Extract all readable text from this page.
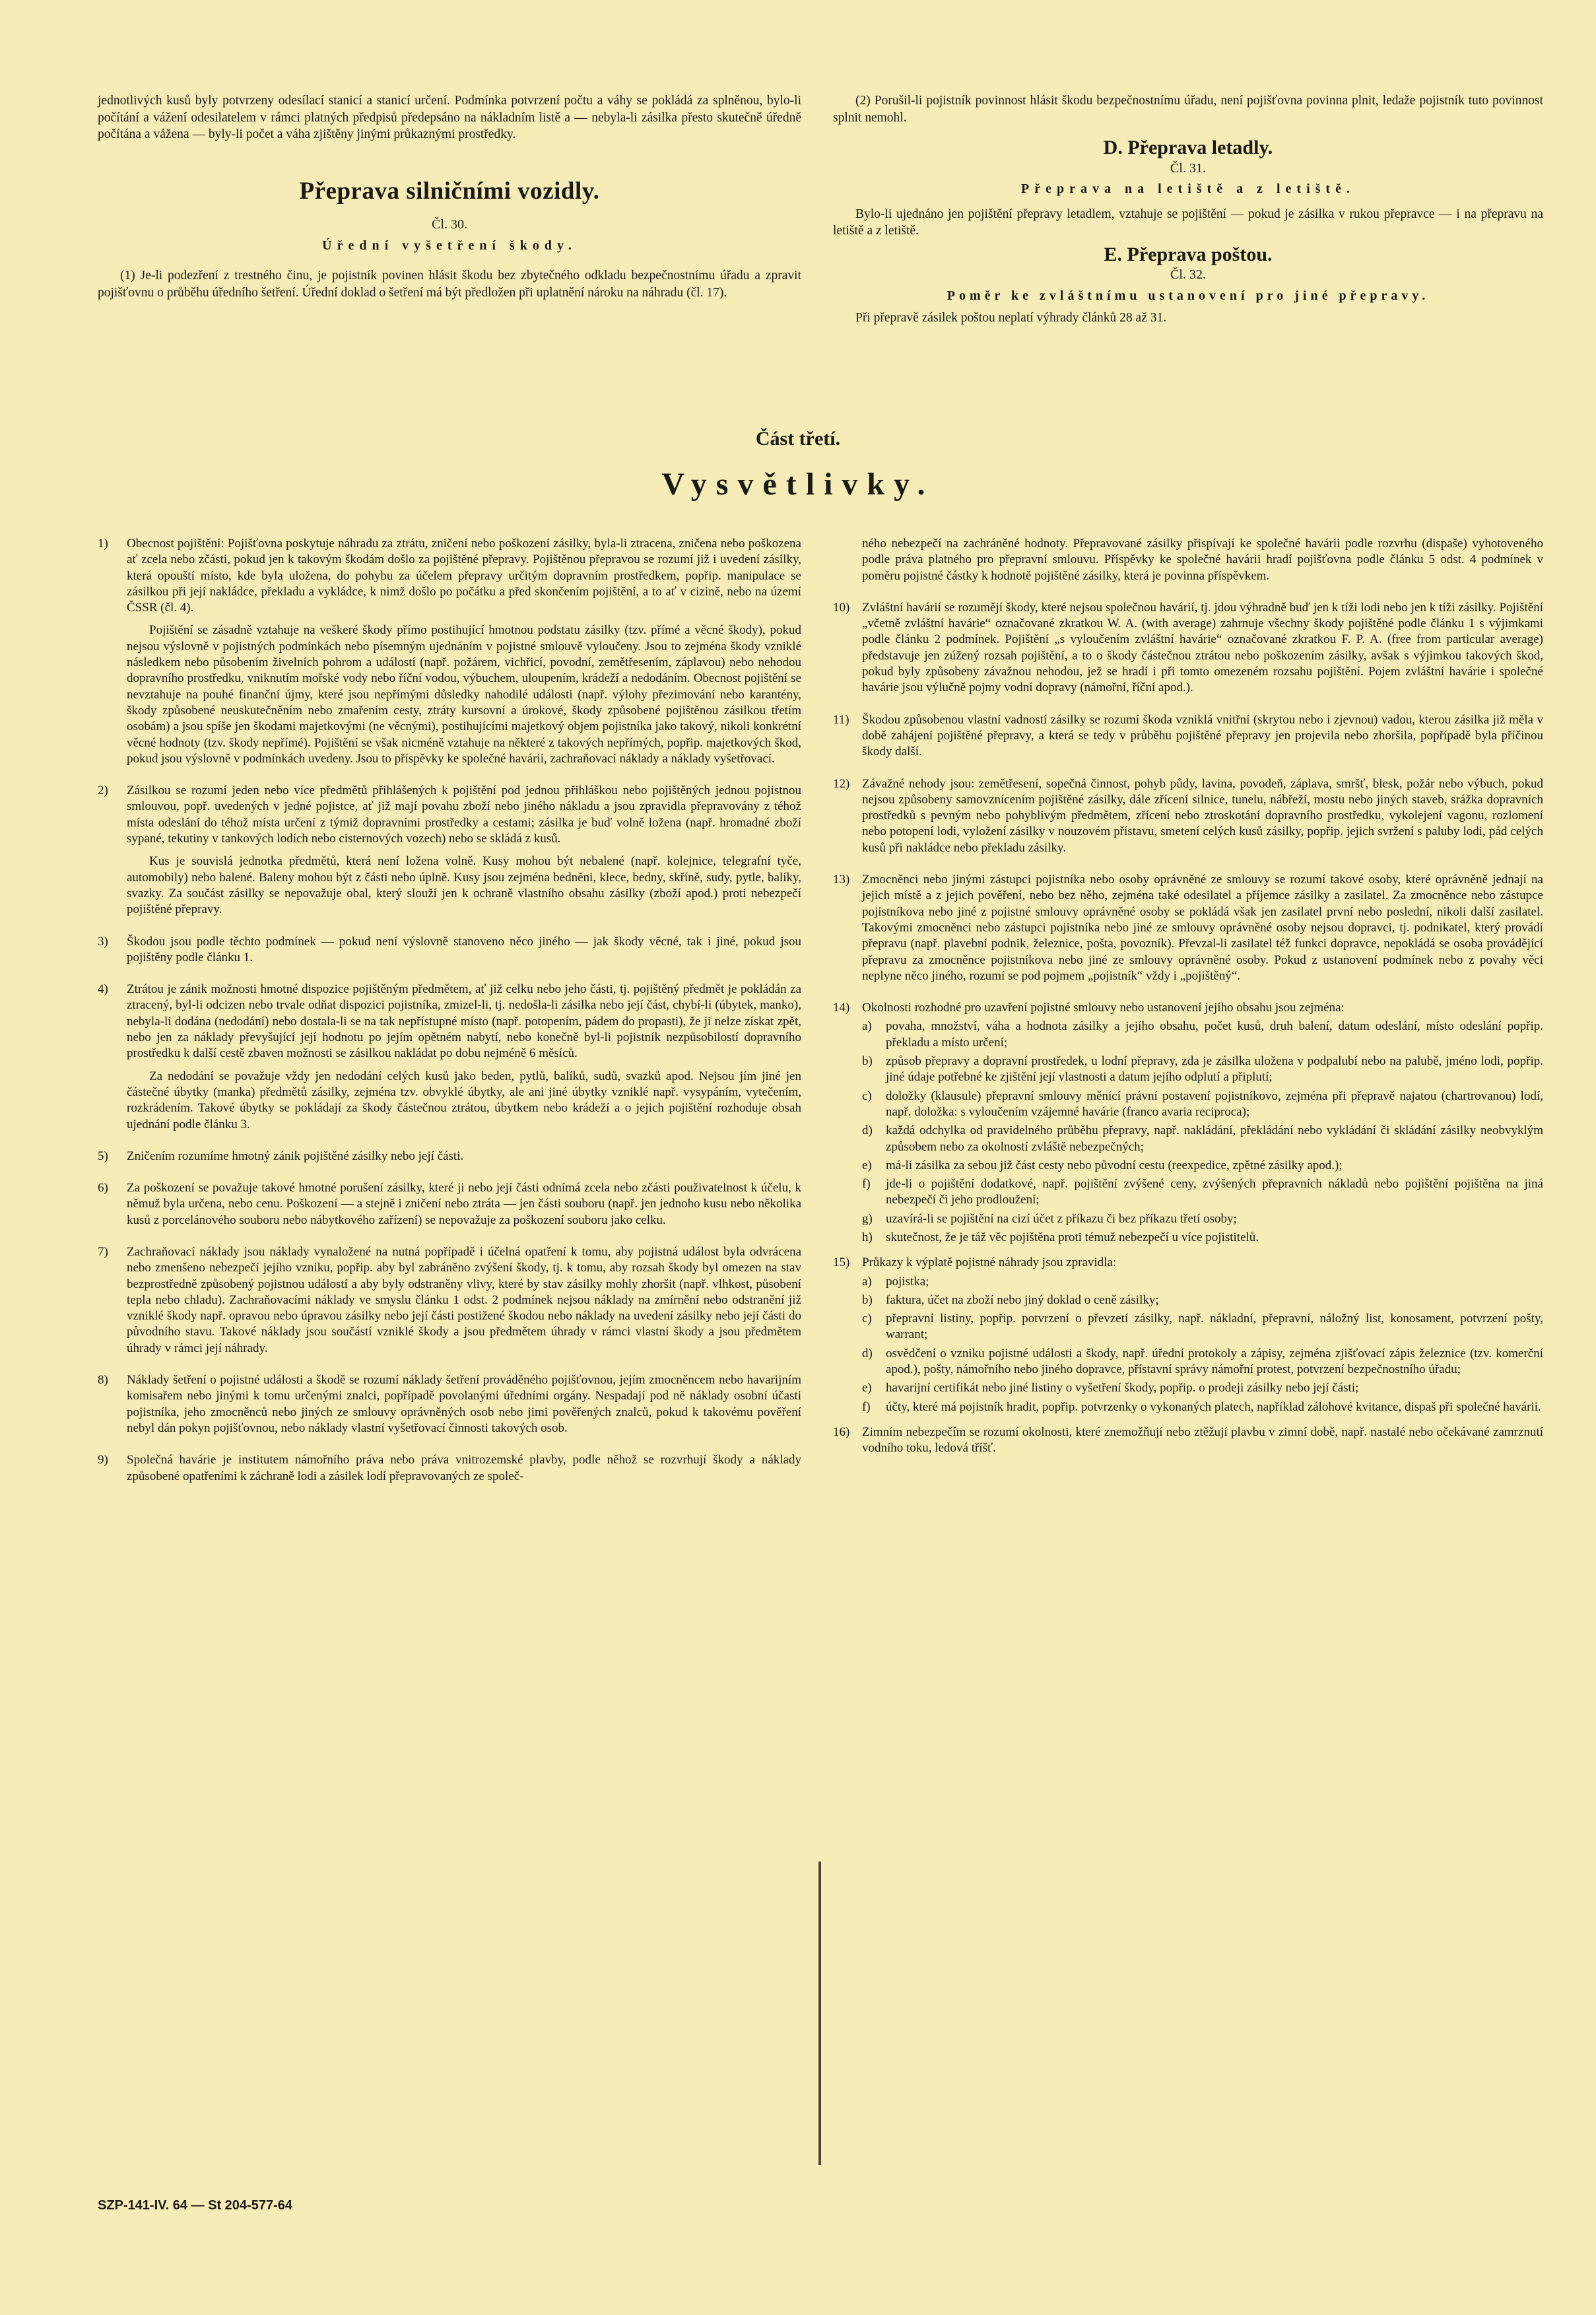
jednotlivých kusů byly potvrzeny odesílací stanicí a stanicí určení. Podmínka potvrzení počtu a váhy se pokládá za splněnou, bylo-li počítání a vážení odesilatelem v rámci platných předpisů předepsáno na nákladním listě a — nebyla-li zásilka přesto skutečně úředně počítána a vážena — byly-li počet a váha zjištěny jinými průkaznými prostředky.

Přeprava silničními vozidly.
Čl. 30.
Úřední vyšetření škody.

(1) Je-li podezření z trestného činu, je pojistník povinen hlásit škodu bez zbytečného odkladu bezpečnostnímu úřadu a zpravit pojišťovnu o průběhu úředního šetření. Úřední doklad o šetření má být předložen při uplatnění nároku na náhradu (čl. 17).

(2) Porušil-li pojistník povinnost hlásit škodu bezpečnostnímu úřadu, není pojišťovna povinna plnit, ledaže pojistník tuto povinnost splnit nemohl.

D. Přeprava letadly.
Čl. 31.
Přeprava na letiště a z letiště.

Bylo-li ujednáno jen pojištění přepravy letadlem, vztahuje se pojištění — pokud je zásilka v rukou přepravce — i na přepravu na letiště a z letiště.

E. Přeprava poštou.
Čl. 32.
Poměr ke zvláštnímu ustanovení pro jiné přepravy.

Při přepravě zásilek poštou neplatí výhrady článků 28 až 31.

Část třetí.
Vysvětlivky.
1)	Obecnost pojištění: Pojišťovna poskytuje náhradu za ztrátu, zničení nebo poškození zásilky, byla-li ztracena, zničena nebo poškozena ať zcela nebo zčásti, pokud jen k takovým škodám došlo za pojištěné přepravy. Pojištěnou přepravou se rozumí již i uvedení zásilky, která opouští místo, kde byla uložena, do pohybu za účelem přepravy určitým dopravním prostředkem, popřip. manipulace se zásilkou při její nakládce, překladu a vykládce, k nimž došlo po počátku a před skončením pojištění, a to ať v cizině, nebo na území ČSSR (čl. 4).

Pojištění se zásadně vztahuje na veškeré škody přímo postihující hmotnou podstatu zásilky (tzv. přímé a věcné škody), pokud nejsou výslovně v pojistných podmínkách nebo písemným ujednáním v pojistné smlouvě vyloučeny. Jsou to zejména škody vzniklé následkem nebo působením živelních pohrom a událostí (např. požárem, vichřicí, povodní, zemětřesením, záplavou) nebo nehodou dopravního prostředku, vniknutím mořské vody nebo říční vodou, výbuchem, uloupením, krádeží a nedodáním. Obecnost pojištění se nevztahuje na pouhé finanční újmy, které jsou nepřímými důsledky nahodilé události (např. výlohy přezimování nebo karantény, škody způsobené neuskutečněním nebo zmařením cesty, ztráty kursovní a úrokové, škody způsobené pojištěnou zásilkou třetím osobám) a jsou spíše jen škodami majetkovými (ne věcnými), postihujícími majetkový objem pojistníka jako takový, nikoli konkrétní věcné hodnoty (tzv. škody nepřímé). Pojištění se však nicméně vztahuje na některé z takových nepřímých, popřip. majetkových škod, pokud jsou výslovně v podmínkách uvedeny. Jsou to příspěvky ke společné havárii, zachraňovací náklady a náklady vyšetřovací.

2)	Zásilkou se rozumí jeden nebo více předmětů přihlášených k pojištění pod jednou přihláškou nebo pojištěných jednou pojistnou smlouvou, popř. uvedených v jedné pojistce, ať již mají povahu zboží nebo jiného nákladu a jsou zpravidla přepravovány z téhož místa odeslání do téhož místa určení z týmiž dopravními prostředky a cestami; zásilka je buď volně ložena (např. hromadné zboží sypané, tekutiny v tankových lodích nebo cisternových vozech) nebo se skládá z kusů.

Kus je souvislá jednotka předmětů, která není ložena volně. Kusy mohou být nebalené (např. kolejnice, telegrafní tyče, automobily) nebo balené. Baleny mohou být z části nebo úplně. Kusy jsou zejména bedněni, klece, bedny, skříně, sudy, pytle, balíky, svazky. Za součást zásilky se nepovažuje obal, který slouží jen k ochraně vlastního obsahu zásilky (zboží apod.) proti nebezpečí pojištěné přepravy.

3)	Škodou jsou podle těchto podmínek — pokud není výslovně stanoveno něco jiného — jak škody věcné, tak i jiné, pokud jsou pojištěny podle článku 1.

4)	Ztrátou je zánik možnosti hmotné dispozice pojištěným předmětem, ať již celku nebo jeho části, tj. pojištěný předmět je pokládán za ztracený, byl-li odcizen nebo trvale odňat dispozici pojistníka, zmizel-li, tj. nedošla-li zásilka nebo její část, chybí-li (úbytek, manko), nebyla-li dodána (nedodání) nebo dostala-li se na tak nepřístupné místo (např. potopením, pádem do propasti), že ji nelze získat zpět, nebo jen za náklady převyšující její hodnotu po jejím opětném nabytí, nebo konečně byl-li pojistník nezpůsobilostí dopravního prostředku k další cestě zbaven možnosti se zásilkou nakládat po dobu nejméně 6 měsíců.

Za nedodání se považuje vždy jen nedodání celých kusů jako beden, pytlů, balíků, sudů, svazků apod. Nejsou jím jiné jen částečné úbytky (manka) předmětů zásilky, zejména tzv. obvyklé úbytky, ale ani jiné úbytky vzniklé např. vysypáním, vytečením, rozkrádením. Takové úbytky se pokládají za škody částečnou ztrátou, úbytkem nebo krádeží a o jejich pojištění rozhoduje obsah ujednání podle článku 3.

5)	Zničením rozumíme hmotný zánik pojištěné zásilky nebo její části.

6)	Za poškození se považuje takové hmotné porušení zásilky, které ji nebo její části odnímá zcela nebo zčásti použivatelnost k účelu, k němuž byla určena, nebo cenu. Poškození — a stejně i zničení nebo ztráta — jen části souboru (např. jen jednoho kusu nebo několika kusů z porcelánového souboru nebo nábytkového zařízení) se nepovažuje za poškození souboru jako celku.

7)	Zachraňovací náklady jsou náklady vynaložené na nutná popřípadě i účelná opatření k tomu, aby pojistná událost byla odvrácena nebo zmenšeno nebezpečí jejího vzniku, popřip. aby byl zabráněno zvýšení škody, tj. k tomu, aby rozsah škody byl omezen na stav bezprostředně způsobený pojistnou událostí a aby byly odstraněny vlivy, které by stav zásilky mohly zhoršit (např. vlhkost, působení tepla nebo chladu). Zachraňovacími náklady ve smyslu článku 1 odst. 2 podmínek nejsou náklady na zmírnění nebo odstranění již vzniklé škody např. opravou nebo úpravou zásilky nebo její části postižené škodou nebo náklady na uvedení zásilky nebo její části do původního stavu. Takové náklady jsou součástí vzniklé škody a jsou předmětem úhrady v rámci vlastní škody a jsou předmětem úhrady v rámci její náhrady.

8)	Náklady šetření o pojistné události a škodě se rozumí náklady šetření prováděného pojišťovnou, jejím zmocněncem nebo havarijním komisařem nebo jinými k tomu určenými znalci, popřípadě povolanými úředními orgány. Nespadají pod ně náklady osobní účasti pojistníka, jeho zmocněnců nebo jiných ze smlouvy oprávněných osob nebo jimi pověřených znalců, pokud k takovému pověření nebyl dán pokyn pojišťovnou, nebo náklady vlastní vyšetřovací činnosti takových osob.

9)	Společná havárie je institutem námořního práva nebo práva vnitrozemské plavby, podle něhož se rozvrhují škody a náklady způsobené opatřeními k záchraně lodi a zásilek lodí přepravovaných ze společ-

ného nebezpečí na zachráněné hodnoty. Přepravované zásilky přispívají ke společné havárii podle rozvrhu (dispaše) vyhotoveného podle práva platného pro přepravní smlouvu. Příspěvky ke společné havárii hradí pojišťovna podle článku 5 odst. 4 podmínek v poměru pojistné částky k hodnotě pojištěné zásilky, která je povinna příspěvkem.

10) Zvláštní havárií se rozumějí škody, které nejsou společnou havárií, tj. jdou výhradně buď jen k tíži lodi nebo jen k tíži zásilky. Pojištění „včetně zvláštní havárie“ označované zkratkou W. A. (with average) zahrnuje všechny škody pojištěné podle článku 1 s výjimkami podle článku 2 podmínek. Pojištění „s vyloučením zvláštní havárie“ označované zkratkou F. P. A. (free from particular average) představuje jen zúžený rozsah pojištění, a to o škody částečnou ztrátou nebo poškozením zásilky, avšak s výjimkou takových škod, pokud byly způsobeny závažnou nehodou, jež se hradí i při tomto omezeném rozsahu pojištění. Pojem zvláštní havárie i společné havárie jsou výlučně pojmy vodní dopravy (námořní, říční apod.).

11)	Škodou způsobenou vlastní vadností zásilky se rozumí škoda vzniklá vnitřní (skrytou nebo i zjevnou) vadou, kterou zásilka již měla v době zahájení pojištěné přepravy, a která se tedy v průběhu pojištěné přepravy jen projevila nebo zhoršila, popřípadě byla příčinou škody další.

12) Závažné nehody jsou: zemětřesení, sopečná činnost, pohyb půdy, lavina, povodeň, záplava, smršť, blesk, požár nebo výbuch, pokud nejsou způsobeny samovznícením pojištěné zásilky, dále zřícení silnice, tunelu, nábřeží, mostu nebo jiných staveb, srážka dopravních prostředků s pevným nebo pohyblivým předmětem, zřícení nebo ztroskotání dopravního prostředku, vykolejení vagonu, rozlomení nebo potopení lodi, vyložení zásilky v nouzovém přístavu, smetení celých kusů zásilky, popřip. jejich svržení s paluby lodi, pád celých kusů při nakládce nebo překladu zásilky.

13) Zmocněnci nebo jinými zástupci pojistníka nebo osoby oprávněné ze smlouvy se rozumí takové osoby, které oprávněně jednají na jejich místě a z jejich pověření, nebo bez něho, zejména také odesilatel a příjemce zásilky a zasilatel. Za zmocněnce nebo zástupce pojistníkova nebo jiné z pojistné smlouvy oprávněné osoby se pokládá však jen zasilatel první nebo poslední, nikoli další zasilatel. Takovými zmocněnci nebo zástupci pojistníka nebo jiné ze smlouvy oprávněné osoby nejsou dopravci, tj. podnikatel, který provádí přepravu (např. plavební podnik, železnice, pošta, povozník). Převzal-li zasilatel též funkci dopravce, nepokládá se osoba provádějící přepravu za zmocněnce pojistníkova nebo jiné ze smlouvy oprávněné osoby. Pokud z ustanovení podmínek nebo z povahy věci neplyne něco jiného, rozumí se pod pojmem „pojistník“ vždy i „pojištěný“.

14) Okolnosti rozhodné pro uzavření pojistné smlouvy nebo ustanovení jejího obsahu jsou zejména:

a)	povaha, množství, váha a hodnota zásilky a jejího obsahu, počet kusů, druh balení, datum odeslání, místo odeslání popřip. překladu a místo určení;
b)	způsob přepravy a dopravní prostředek, u lodní přepravy, zda je zásilka uložena v podpalubí nebo na palubě, jméno lodi, popřip. jiné údaje potřebné ke zjištění její vlastnosti a datum jejího odplutí a připlutí;
c)	doložky (klausule) přepravní smlouvy měnící právní postavení pojistníkovo, zejména při přepravě najatou (chartrovanou) lodí, např. doložka: s vyloučením vzájemné havárie (franco avaria reciproca);
d)	každá odchylka od pravidelného průběhu přepravy, např. nakládání, překládání nebo vykládání či skládání zásilky neobvyklým způsobem nebo za okolností zvláště nebezpečných;
e)	má-li zásilka za sebou již část cesty nebo původní cestu (reexpedice, zpětné zásilky apod.);
f)	jde-li o pojištění dodatkové, např. pojištění zvýšené ceny, zvýšených přepravních nákladů nebo pojištění pojištěna na jiná nebezpečí či jeho prodloužení;
g)	uzavírá-li se pojištění na cizí účet z příkazu či bez příkazu třetí osoby;
h)	skutečnost, že je táž věc pojištěna proti témuž nebezpečí u více pojistitelů.
15) Průkazy k výplatě pojistné náhrady jsou zpravidla:

a)	pojistka;
b)	faktura, účet na zboží nebo jiný doklad o ceně zásilky;
c)	přepravní listiny, popřip. potvrzení o převzetí zásilky, např. nákladní, přepravní, náložný list, konosament, potvrzení pošty, warrant;
d)	osvědčení o vzniku pojistné události a škody, např. úřední protokoly a zápisy, zejména zjišťovací zápis železnice (tzv. komerční apod.), pošty, námořního nebo jiného dopravce, přístavní správy námořní protest, potvrzení bezpečnostního úřadu;
e)	havarijní certifikát nebo jiné listiny o vyšetření škody, popřip. o prodeji zásilky nebo její části;
f)	účty, které má pojistník hradit, popřip. potvrzenky o vykonaných platech, například zálohové kvitance, dispaš při společné havárii.
16) Zimním nebezpečím se rozumí okolnosti, které znemožňují nebo ztěžují plavbu v zimní době, např. nastalé nebo očekávané zamrznutí vodního toku, ledová tříšť.

SZP-141-IV. 64 — St 204-577-64
